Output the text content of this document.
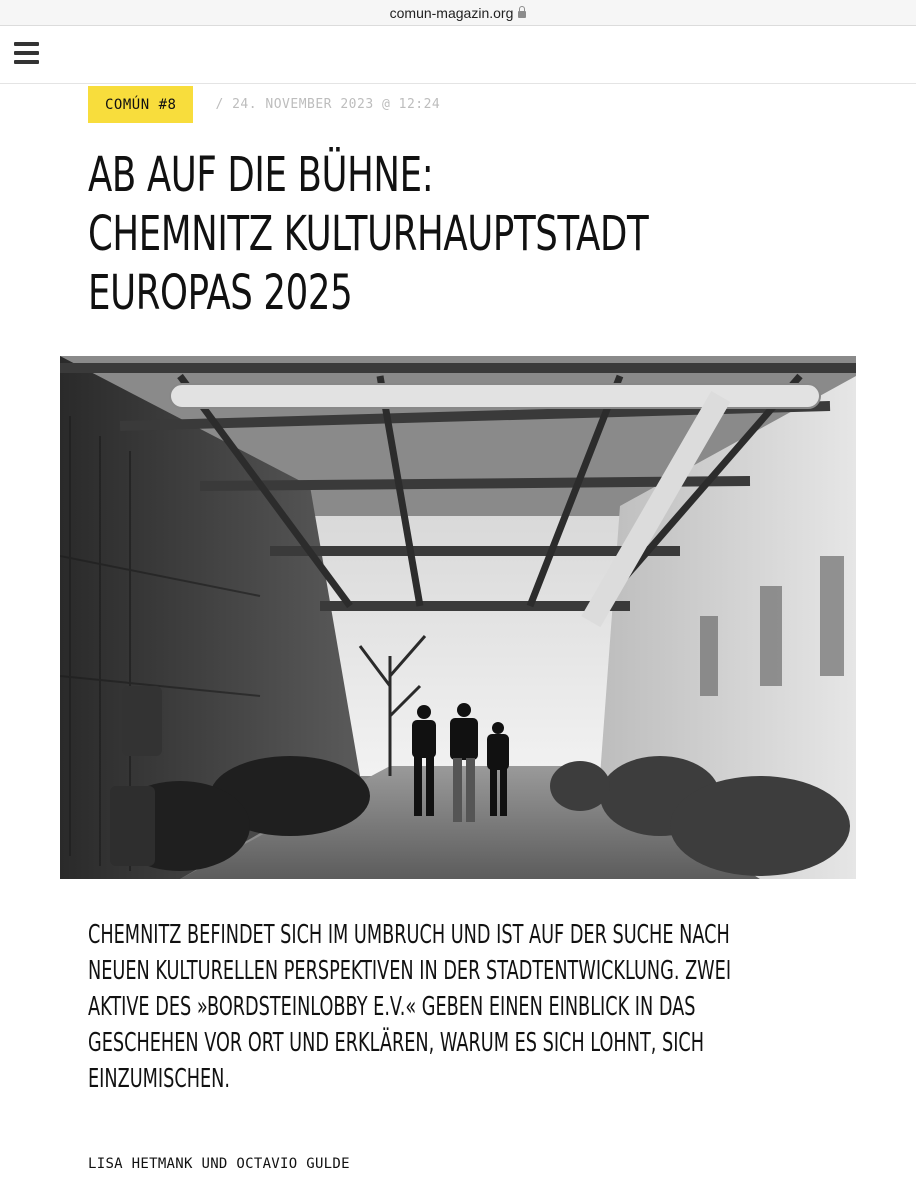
comun-magazin.org
COMÚN #8	/ 24. NOVEMBER 2023 @ 12:24
AB AUF DIE BÜHNE:
CHEMNITZ KULTURHAUPTSTADT
EUROPAS 2025

CHEMNITZ BEFINDET SICH IM UMBRUCH UND IST AUF DER SUCHE NACH NEUEN KULTURELLEN PERSPEKTIVEN IN DER STADTENTWICKLUNG. ZWEI AKTIVE DES »BORDSTEINLOBBY E.V.« GEBEN EINEN EINBLICK IN DAS GESCHEHEN VOR ORT UND ERKLÄREN, WARUM ES SICH LOHNT, SICH EINZUMISCHEN.

LISA HETMANK UND OCTAVIO GULDE
